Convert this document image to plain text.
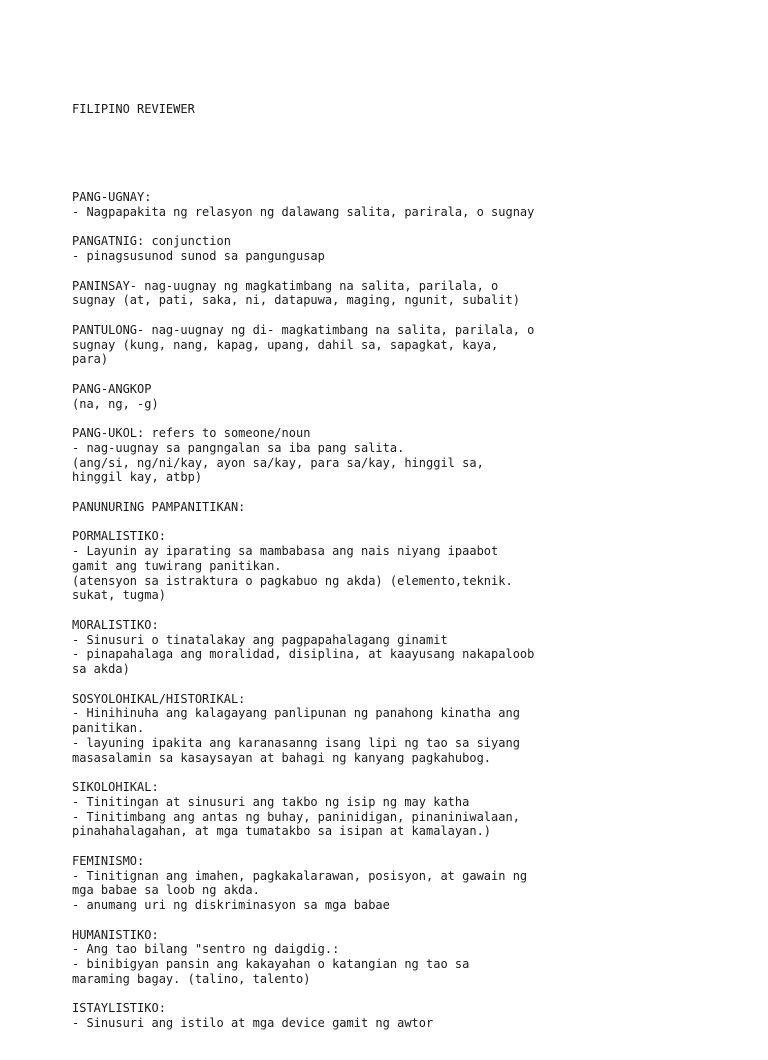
FILIPINO REVIEWER

PANG-UGNAY:
- Nagpapakita ng relasyon ng dalawang salita, parirala, o sugnay
PANGATNIG: conjunction
- pinagsusunod sunod sa pangungusap
PANINSAY- nag-uugnay ng magkatimbang na salita, parilala, o
sugnay (at, pati, saka, ni, datapuwa, maging, ngunit, subalit)
PANTULONG- nag-uugnay ng di- magkatimbang na salita, parilala, o
sugnay (kung, nang, kapag, upang, dahil sa, sapagkat, kaya,
para)
PANG-ANGKOP
(na, ng, -g)
PANG-UKOL: refers to someone/noun
- nag-uugnay sa pangngalan sa iba pang salita.
(ang/si, ng/ni/kay, ayon sa/kay, para sa/kay, hinggil sa,
hinggil kay, atbp)
PANUNURING PAMPANITIKAN:
PORMALISTIKO:
- Layunin ay iparating sa mambabasa ang nais niyang ipaabot
gamit ang tuwirang panitikan.
(atensyon sa istraktura o pagkabuo ng akda) (elemento,teknik.
sukat, tugma)
MORALISTIKO:
- Sinusuri o tinatalakay ang pagpapahalagang ginamit
- pinapahalaga ang moralidad, disiplina, at kaayusang nakapaloob
sa akda)
SOSYOLOHIKAL/HISTORIKAL:
- Hinihinuha ang kalagayang panlipunan ng panahong kinatha ang
panitikan.
- layuning ipakita ang karanasanng isang lipi ng tao sa siyang
masasalamin sa kasaysayan at bahagi ng kanyang pagkahubog.
SIKOLOHIKAL:
- Tinitingan at sinusuri ang takbo ng isip ng may katha
- Tinitimbang ang antas ng buhay, paninidigan, pinaniniwalaan,
pinahahalagahan, at mga tumatakbo sa isipan at kamalayan.)
FEMINISMO:
- Tinitignan ang imahen, pagkakalarawan, posisyon, at gawain ng
mga babae sa loob ng akda.
- anumang uri ng diskriminasyon sa mga babae
HUMANISTIKO:
- Ang tao bilang "sentro ng daigdig.:
- binibigyan pansin ang kakayahan o katangian ng tao sa
maraming bagay. (talino, talento)
ISTAYLISTIKO:
- Sinusuri ang istilo at mga device gamit ng awtor
